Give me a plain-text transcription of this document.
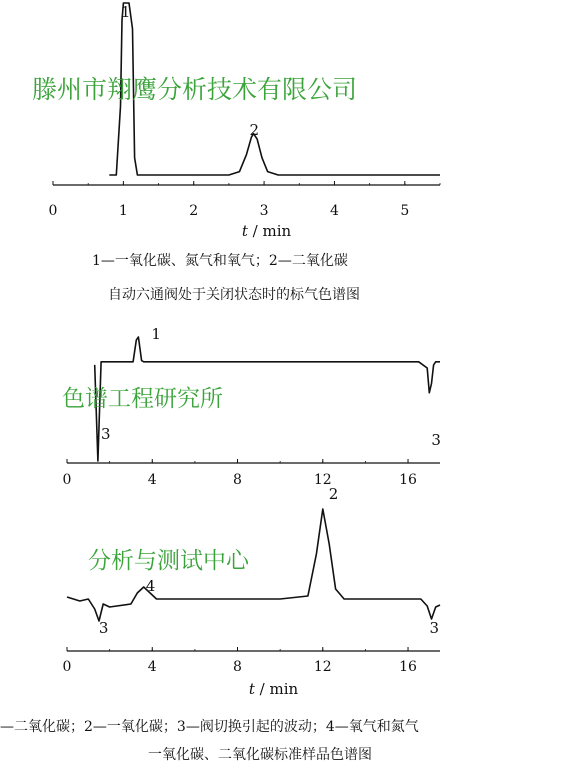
0	1	2	3	4	5
t / min
1
2
0	4	8	12	16
1
3	3
0	4	8	12	16
t / min
4
2
3	3
滕州市翔鹰分析技术有限公司
色谱工程研究所
分析与测试中心
1—一氧化碳、氮气和氧气；2—二氧化碳
自动六通阀处于关闭状态时的标气色谱图
—二氧化碳；2—一氧化碳；3—阀切换引起的波动；4—氧气和氮气
一氧化碳、二氧化碳标准样品色谱图
